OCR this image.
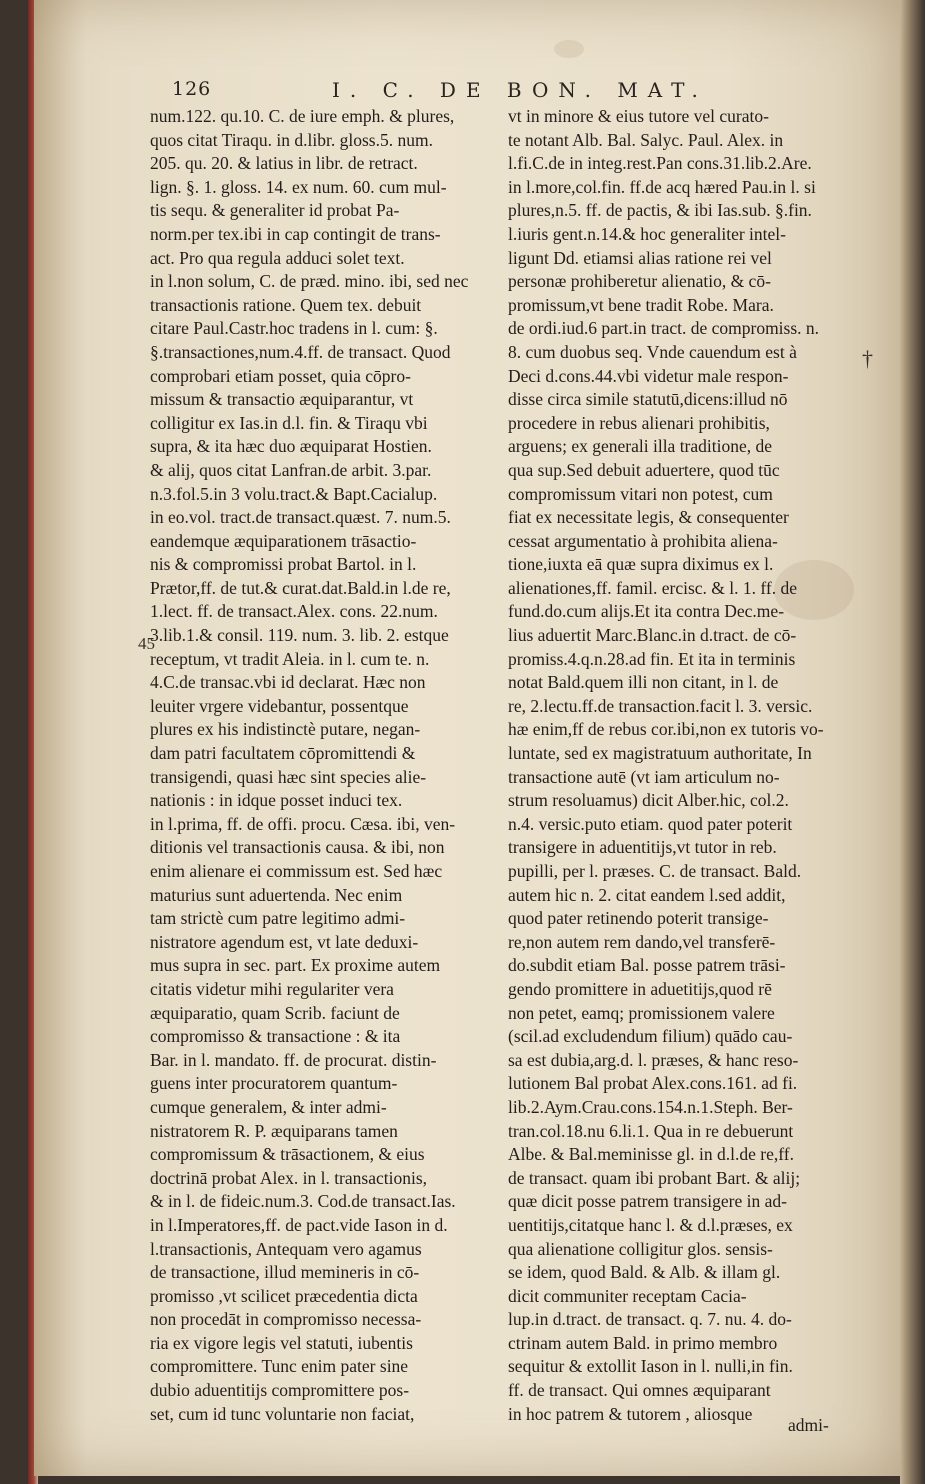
126	I. C. DE BON. MAT.
num.122. qu.10. C. de iure emph. & plures,
quos citat Tiraqu. in d.libr. gloss.5. num.
205. qu. 20. & latius in libr. de retract.
lign. §. 1. gloss. 14. ex num. 60. cum mul-
tis sequ. & generaliter id probat Pa-
norm.per tex.ibi in cap contingit de trans-
act. Pro qua regula adduci solet text.
in l.non solum, C. de præd. mino. ibi, sed nec
transactionis ratione. Quem tex. debuit
citare Paul.Castr.hoc tradens in l. cum: §.
§.transactiones,num.4.ff. de transact. Quod
comprobari etiam posset, quia cōpro-
missum & transactio æquiparantur, vt
colligitur ex Ias.in d.l. fin. & Tiraqu vbi
supra, & ita hæc duo æquiparat Hostien.
& alij, quos citat Lanfran.de arbit. 3.par.
n.3.fol.5.in 3 volu.tract.& Bapt.Cacialup.
in eo.vol. tract.de transact.quæst. 7. num.5.
eandemque æquiparationem trāsactio-
nis & compromissi probat Bartol. in l.
Prætor,ff. de tut.& curat.dat.Bald.in l.de re,
1.lect. ff. de transact.Alex. cons. 22.num.
3.lib.1.& consil. 119. num. 3. lib. 2. estque
receptum, vt tradit Aleia. in l. cum te. n.
4.C.de transac.vbi id declarat. Hæc non
leuiter vrgere videbantur, possentque
plures ex his indistinctè putare, negan-
dam patri facultatem cōpromittendi &
transigendi, quasi hæc sint species alie-
nationis : in idque posset induci tex.
in l.prima, ff. de offi. procu. Cæsa. ibi, ven-
ditionis vel transactionis causa. & ibi, non
enim alienare ei commissum est. Sed hæc
maturius sunt aduertenda. Nec enim
tam strictè cum patre legitimo admi-
nistratore agendum est, vt late deduxi-
mus supra in sec. part. Ex proxime autem
citatis videtur mihi regulariter vera
æquiparatio, quam Scrib. faciunt de
compromisso & transactione : & ita
Bar. in l. mandato. ff. de procurat. distin-
guens inter procuratorem quantum-
cumque generalem, & inter admi-
nistratorem R. P. æquiparans tamen
compromissum & trāsactionem, & eius
doctrinā probat Alex. in l. transactionis,
& in l. de fideic.num.3. Cod.de transact.Ias.
in l.Imperatores,ff. de pact.vide Iason in d.
l.transactionis, Antequam vero agamus
de transactione, illud memineris in cō-
promisso ,vt scilicet præcedentia dicta
non procedāt in compromisso necessa-
ria ex vigore legis vel statuti, iubentis
compromittere. Tunc enim pater sine
dubio aduentitijs compromittere pos-
set, cum id tunc voluntarie non faciat,
vt in minore & eius tutore vel curato-
te notant Alb. Bal. Salyc. Paul. Alex. in
l.fi.C.de in integ.rest.Pan cons.31.lib.2.Are.
in l.more,col.fin. ff.de acq hæred Pau.in l. si
plures,n.5. ff. de pactis, & ibi Ias.sub. §.fin.
l.iuris gent.n.14.& hoc generaliter intel-
ligunt Dd. etiamsi alias ratione rei vel
personæ prohiberetur alienatio, & cō-
promissum,vt bene tradit Robe. Mara.
de ordi.iud.6 part.in tract. de compromiss. n.
8. cum duobus seq. Vnde cauendum est à
Deci d.cons.44.vbi videtur male respon-
disse circa simile statutū,dicens:illud nō
procedere in rebus alienari prohibitis,
arguens; ex generali illa traditione, de
qua sup.Sed debuit aduertere, quod tūc
compromissum vitari non potest, cum
fiat ex necessitate legis, & consequenter
cessat argumentatio à prohibita aliena-
tione,iuxta eā quæ supra diximus ex l.
alienationes,ff. famil. ercisc. & l. 1. ff. de
fund.do.cum alijs.Et ita contra Dec.me-
lius aduertit Marc.Blanc.in d.tract. de cō-
promiss.4.q.n.28.ad fin. Et ita in terminis
notat Bald.quem illi non citant, in l. de
re, 2.lectu.ff.de transaction.facit l. 3. versic.
hæ enim,ff de rebus cor.ibi,non ex tutoris vo-
luntate, sed ex magistratuum authoritate, In
transactione autē (vt iam articulum no-
strum resoluamus) dicit Alber.hic, col.2.
n.4. versic.puto etiam. quod pater poterit
transigere in aduentitijs,vt tutor in reb.
pupilli, per l. præses. C. de transact. Bald.
autem hic n. 2. citat eandem l.sed addit,
quod pater retinendo poterit transige-
re,non autem rem dando,vel transferē-
do.subdit etiam Bal. posse patrem trāsi-
gendo promittere in aduetitijs,quod rē
non petet, eamq; promissionem valere
(scil.ad excludendum filium) quādo cau-
sa est dubia,arg.d. l. præses, & hanc reso-
lutionem Bal probat Alex.cons.161. ad fi.
lib.2.Aym.Crau.cons.154.n.1.Steph. Ber-
tran.col.18.nu 6.li.1. Qua in re debuerunt
Albe. & Bal.meminisse gl. in d.l.de re,ff.
de transact. quam ibi probant Bart. & alij;
quæ dicit posse patrem transigere in ad-
uentitijs,citatque hanc l. & d.l.præses, ex
qua alienatione colligitur glos. sensis-
se idem, quod Bald. & Alb. & illam gl.
dicit communiter receptam Cacia-
lup.in d.tract. de transact. q. 7. nu. 4. do-
ctrinam autem Bald. in primo membro
sequitur & extollit Iason in l. nulli,in fin.
ff. de transact. Qui omnes æquiparant
in hoc patrem & tutorem , aliosque
45
†
admi-
